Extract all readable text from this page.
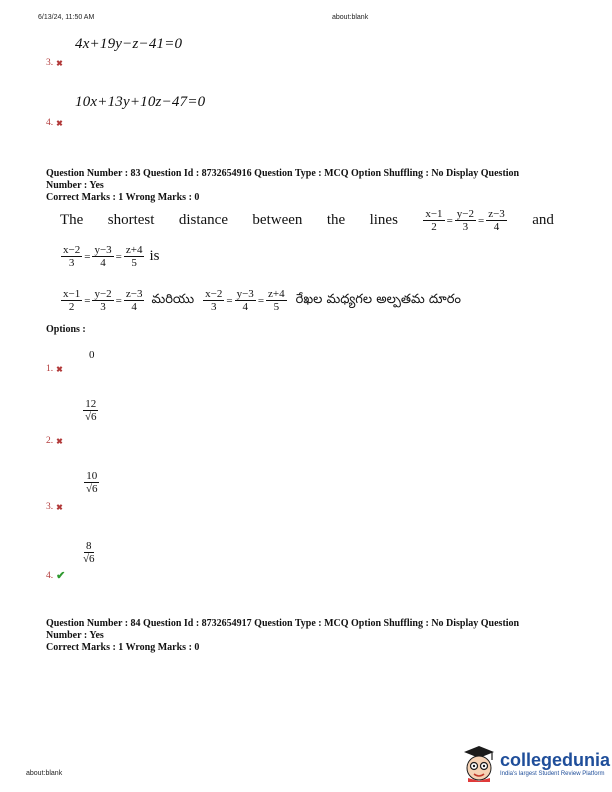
6/13/24, 11:50 AM	about:blank
4x+19y−z−41=0
3. ✖
10x+13y+10z−47=0
4. ✖
Question Number : 83 Question Id : 8732654916 Question Type : MCQ Option Shuffling : No Display Question
Number : Yes
Correct Marks : 1 Wrong Marks : 0
The shortest distance between the lines $\frac{x-1}{2} = \frac{y-2}{3} = \frac{z-3}{4}$ and
$\frac{x-2}{3} = \frac{y-3}{4} = \frac{z+4}{5}$ is
$\frac{x-1}{2} = \frac{y-2}{3} = \frac{z-3}{4}$ మరియు $\frac{x-2}{3} = \frac{y-3}{4} = \frac{z+4}{5}$ రేఖల మధ్యగల అల్పతమ దూరం
Options :
0
1. ✖
$\frac{12}{√6}$
2. ✖
$\frac{10}{√6}$
3. ✖
$\frac{8}{√6}$
4. ✔
Question Number : 84 Question Id : 8732654917 Question Type : MCQ Option Shuffling : No Display Question
Number : Yes
Correct Marks : 1 Wrong Marks : 0
about:blank
collegedunia
India's largest Student Review Platform
